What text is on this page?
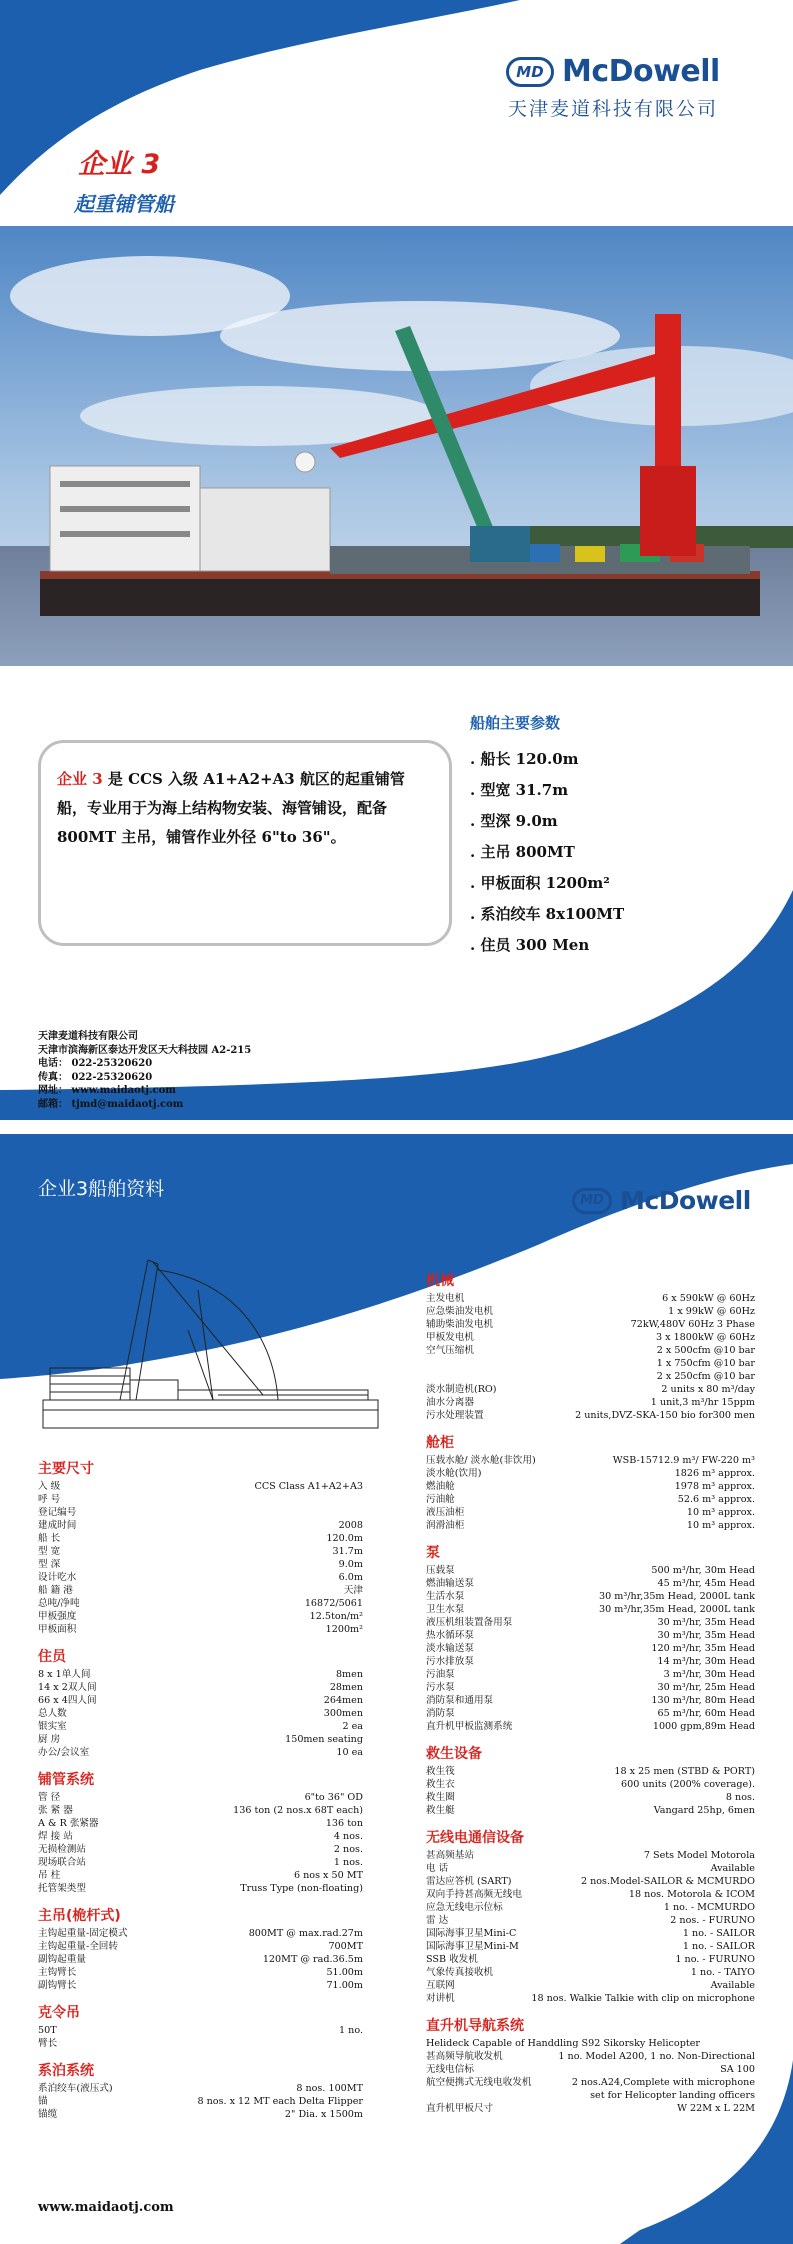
MD McDowell
天津麦道科技有限公司
企业 3
起重铺管船
企业 3 是 CCS 入级 A1+A2+A3 航区的起重铺管船，专业用于为海上结构物安装、海管铺设，配备800MT 主吊，铺管作业外径 6"to 36"。
船舶主要参数
. 船长 120.0m
. 型宽 31.7m
. 型深 9.0m
. 主吊 800MT
. 甲板面积 1200m²
. 系泊绞车 8x100MT
. 住员 300 Men
天津麦道科技有限公司
天津市滨海新区泰达开发区天大科技园 A2-215
电话： 022-25320620
传真： 022-25320620
网址： www.maidaotj.com
邮箱： tjmd@maidaotj.com
企业3船舶资料
MD McDowell
主要尺寸
入 级	CCS Class A1+A2+A3
呼 号
登记编号
建成时间	2008
船 长	120.0m
型 宽	31.7m
型 深	9.0m
设计吃水	6.0m
船 籍 港	天津
总吨/净吨	16872/5061
甲板强度	12.5ton/m²
甲板面积	1200m²
住员
8 x 1单人间	8men
14 x 2双人间	28men
66 x 4四人间	264men
总人数	300men
银实室	2 ea
厨 房	150men seating
办公/会议室	10 ea
铺管系统
管 径	6"to 36" OD
张 紧 器	136 ton (2 nos.x 68T each)
A & R 张紧器	136 ton
焊 接 站	4 nos.
无损检测站	2 nos.
现场联合站	1 nos.
吊 柱	6 nos x 50 MT
托管架类型	Truss Type (non-floating)
主吊(桅杆式)
主钩起重量-固定模式	800MT @ max.rad.27m
主钩起重量-全回转	700MT
副钩起重量	120MT @ rad.36.5m
主钩臂长	51.00m
副钩臂长	71.00m
克令吊
50T	1 no.
臂长
系泊系统
系泊绞车(液压式)	8 nos. 100MT
锚	8 nos. x 12 MT each Delta Flipper
锚缆	2" Dia. x 1500m
机械
主发电机	6 x 590kW @ 60Hz
应急柴油发电机	1 x 99kW @ 60Hz
辅助柴油发电机	72kW,480V 60Hz 3 Phase
甲板发电机	3 x 1800kW @ 60Hz
空气压缩机	2 x 500cfm @10 bar
1 x 750cfm @10 bar
2 x 250cfm @10 bar
淡水制造机(RO)	2 units x 80 m³/day
油水分离器	1 unit,3 m³/hr 15ppm
污水处理装置	2 units,DVZ-SKA-150 bio for300 men
舱柜
压载水舱/ 淡水舱(非饮用)	WSB-15712.9 m³/ FW-220 m³
淡水舱(饮用)	1826 m³ approx.
燃油舱	1978 m³ approx.
污油舱	52.6 m³ approx.
液压油柜	10 m³ approx.
润滑油柜	10 m³ approx.
泵
压载泵	500 m³/hr, 30m Head
燃油输送泵	45 m³/hr, 45m Head
生活水泵	30 m³/hr,35m Head, 2000L tank
卫生水泵	30 m³/hr,35m Head, 2000L tank
液压机组装置备用泵	30 m³/hr, 35m Head
热水循环泵	30 m³/hr, 35m Head
淡水输送泵	120 m³/hr, 35m Head
污水排放泵	14 m³/hr, 30m Head
污油泵	3 m³/hr, 30m Head
污水泵	30 m³/hr, 25m Head
消防泵和通用泵	130 m³/hr, 80m Head
消防泵	65 m³/hr, 60m Head
直升机甲板监测系统	1000 gpm,89m Head
救生设备
救生筏	18 x 25 men (STBD & PORT)
救生衣	600 units (200% coverage).
救生圈	8 nos.
救生艇	Vangard 25hp, 6men
无线电通信设备
甚高频基站	7 Sets Model Motorola
电 话	Available
雷达应答机 (SART)	2 nos.Model-SAILOR & MCMURDO
双向手持甚高频无线电	18 nos. Motorola & ICOM
应急无线电示位标	1 no. - MCMURDO
雷 达	2 nos. - FURUNO
国际海事卫星Mini-C	1 no. - SAILOR
国际海事卫星Mini-M	1 no. - SAILOR
SSB 收发机	1 no. - FURUNO
气象传真接收机	1 no. - TAIYO
互联网	Available
对讲机	18 nos. Walkie Talkie with clip on microphone
直升机导航系统
Helideck Capable of Handdling S92 Sikorsky Helicopter
甚高频导航收发机	1 no. Model A200, 1 no. Non-Directional
无线电信标	SA 100
航空便携式无线电收发机	2 nos.A24,Complete with microphone
set for Helicopter landing officers
直升机甲板尺寸	W 22M x L 22M
www.maidaotj.com
